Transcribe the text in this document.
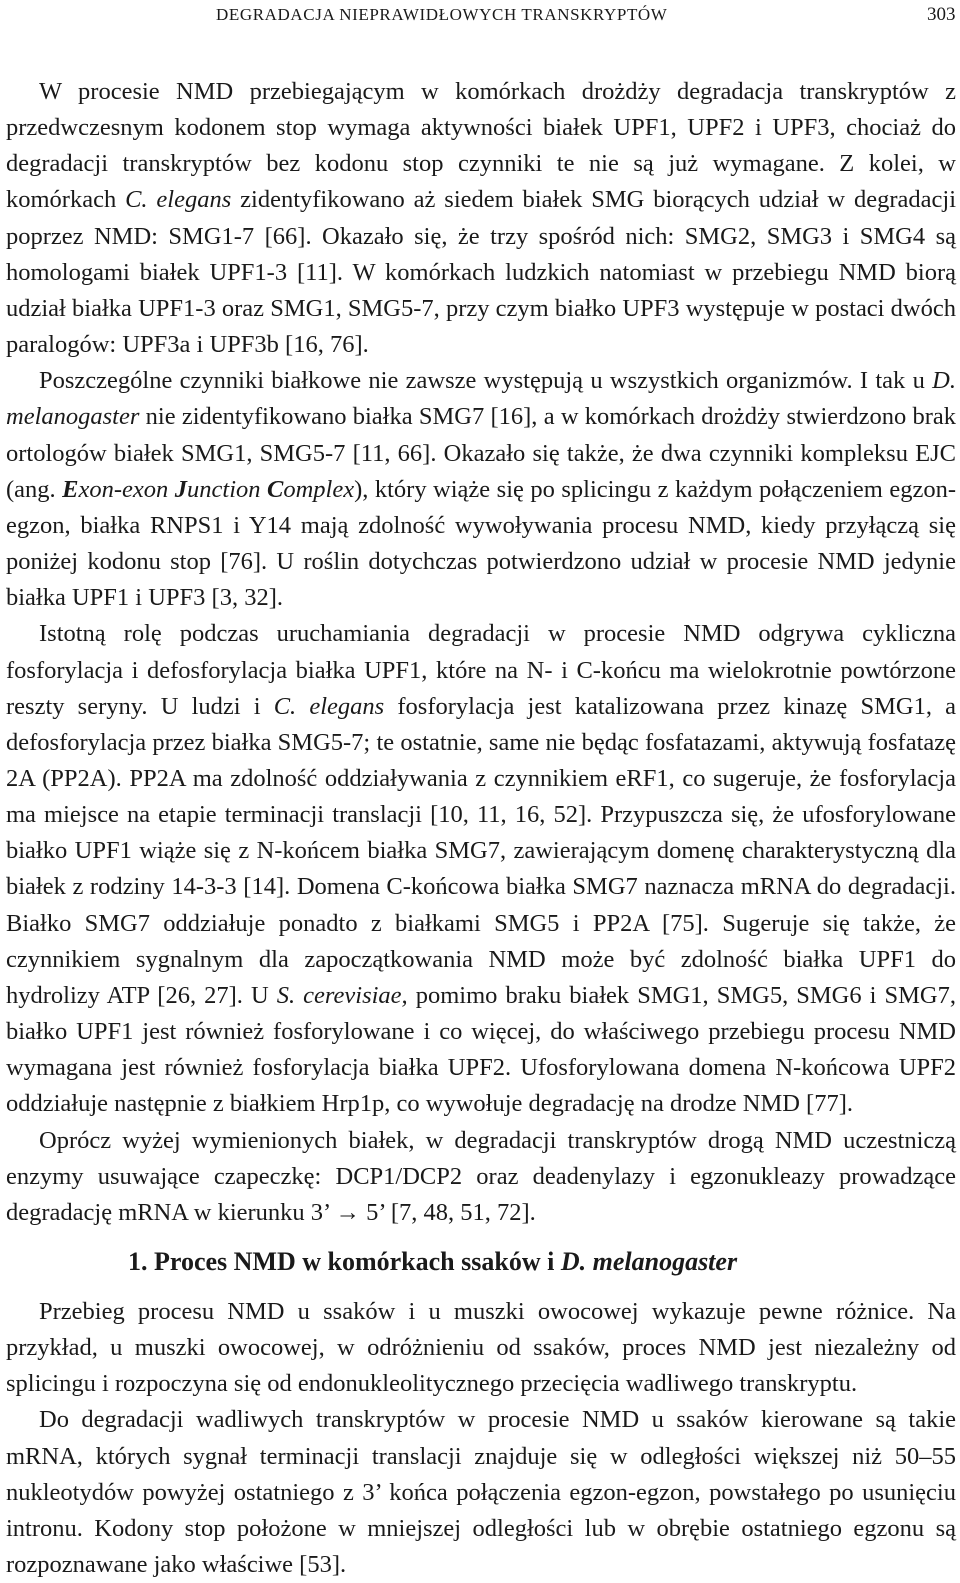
DEGRADACJA NIEPRAWIDŁOWYCH TRANSKRYPTÓW	303

W procesie NMD przebiegającym w komórkach drożdży degradacja transkryptów z przedwczesnym kodonem stop wymaga aktywności białek UPF1, UPF2 i UPF3, chociaż do degradacji transkryptów bez kodonu stop czynniki te nie są już wymagane. Z kolei, w komórkach C. elegans zidentyfikowano aż siedem białek SMG biorących udział w degradacji poprzez NMD: SMG1-7 [66]. Okazało się, że trzy spośród nich: SMG2, SMG3 i SMG4 są homologami białek UPF1-3 [11]. W komórkach ludzkich natomiast w przebiegu NMD biorą udział białka UPF1-3 oraz SMG1, SMG5-7, przy czym białko UPF3 występuje w postaci dwóch paralogów: UPF3a i UPF3b [16, 76].

Poszczególne czynniki białkowe nie zawsze występują u wszystkich organizmów. I tak u D. melanogaster nie zidentyfikowano białka SMG7 [16], a w komórkach drożdży stwierdzono brak ortologów białek SMG1, SMG5-7 [11, 66]. Okazało się także, że dwa czynniki kompleksu EJC (ang. Exon-exon Junction Complex), który wiąże się po splicingu z każdym połączeniem egzon-egzon, białka RNPS1 i Y14 mają zdolność wywoływania procesu NMD, kiedy przyłączą się poniżej kodonu stop [76]. U roślin dotychczas potwierdzono udział w procesie NMD jedynie białka UPF1 i UPF3 [3, 32].

Istotną rolę podczas uruchamiania degradacji w procesie NMD odgrywa cykliczna fosforylacja i defosforylacja białka UPF1, które na N- i C-końcu ma wielokrotnie powtórzone reszty seryny. U ludzi i C. elegans fosforylacja jest katalizowana przez kinazę SMG1, a defosforylacja przez białka SMG5-7; te ostatnie, same nie będąc fosfatazami, aktywują fosfatazę 2A (PP2A). PP2A ma zdolność oddziaływania z czynnikiem eRF1, co sugeruje, że fosforylacja ma miejsce na etapie terminacji translacji [10, 11, 16, 52]. Przypuszcza się, że ufosforylowane białko UPF1 wiąże się z N-końcem białka SMG7, zawierającym domenę charakterystyczną dla białek z rodziny 14-3-3 [14]. Domena C-końcowa białka SMG7 naznacza mRNA do degradacji. Białko SMG7 oddziałuje ponadto z białkami SMG5 i PP2A [75]. Sugeruje się także, że czynnikiem sygnalnym dla zapoczątkowania NMD może być zdolność białka UPF1 do hydrolizy ATP [26, 27]. U S. cerevisiae, pomimo braku białek SMG1, SMG5, SMG6 i SMG7, białko UPF1 jest również fosforylowane i co więcej, do właściwego przebiegu procesu NMD wymagana jest również fosforylacja białka UPF2. Ufosforylowana domena N-końcowa UPF2 oddziałuje następnie z białkiem Hrp1p, co wywołuje degradację na drodze NMD [77].

Oprócz wyżej wymienionych białek, w degradacji transkryptów drogą NMD uczestniczą enzymy usuwające czapeczkę: DCP1/DCP2 oraz deadenylazy i egzonukleazy prowadzące degradację mRNA w kierunku 3’ → 5’ [7, 48, 51, 72].

1. Proces NMD w komórkach ssaków i D. melanogaster

Przebieg procesu NMD u ssaków i u muszki owocowej wykazuje pewne różnice. Na przykład, u muszki owocowej, w odróżnieniu od ssaków, proces NMD jest niezależny od splicingu i rozpoczyna się od endonukleolitycznego przecięcia wadliwego transkryptu.

Do degradacji wadliwych transkryptów w procesie NMD u ssaków kierowane są takie mRNA, których sygnał terminacji translacji znajduje się w odległości większej niż 50–55 nukleotydów powyżej ostatniego z 3’ końca połączenia egzon-egzon, powstałego po usunięciu intronu. Kodony stop położone w mniejszej odległości lub w obrębie ostatniego egzonu są rozpoznawane jako właściwe [53].
